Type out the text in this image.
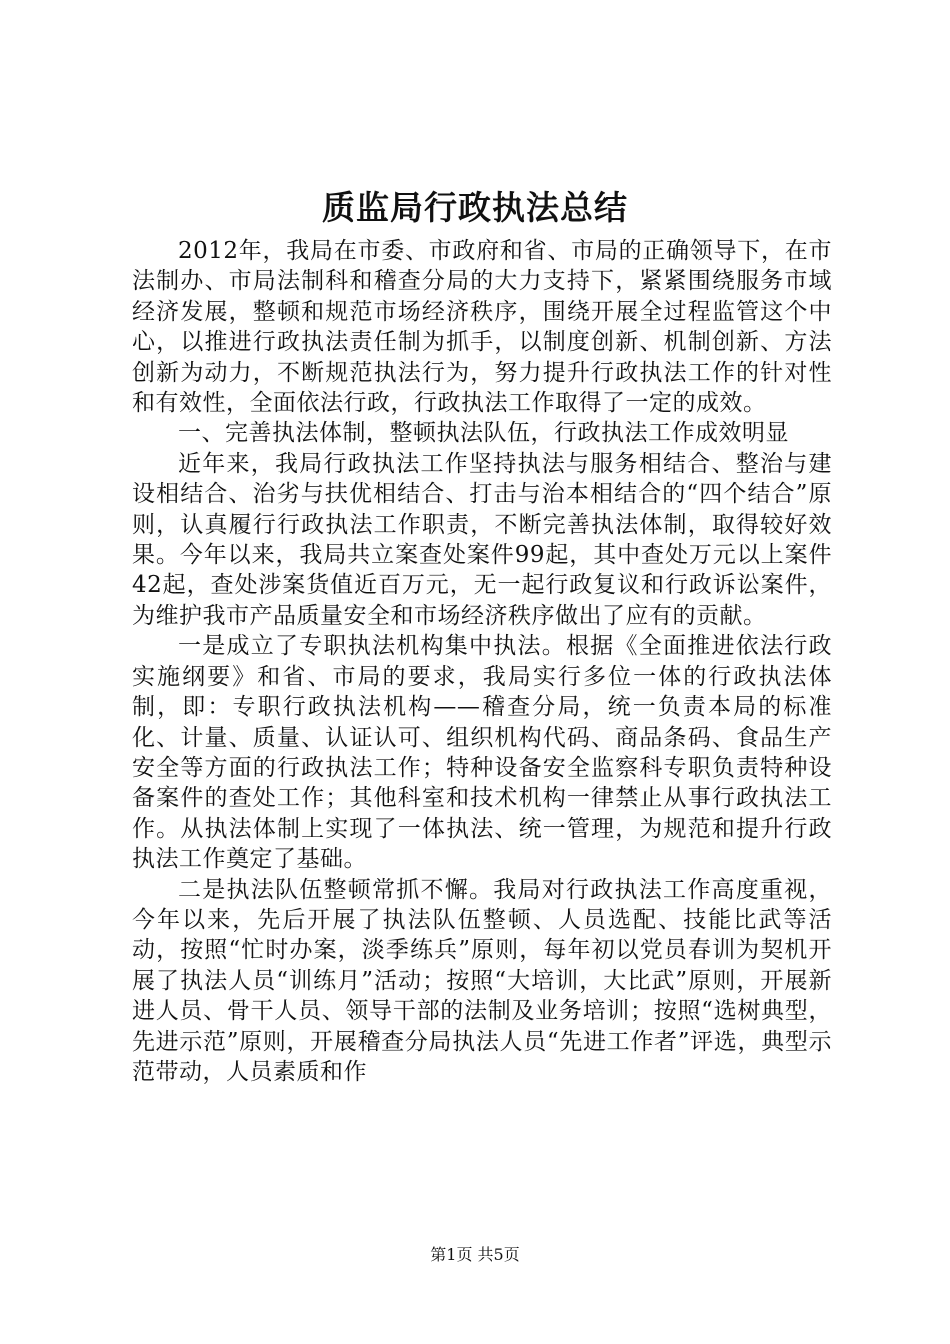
质监局行政执法总结

2012年，我局在市委、市政府和省、市局的正确领导下，在市法制办、市局法制科和稽查分局的大力支持下，紧紧围绕服务市域经济发展，整顿和规范市场经济秩序，围绕开展全过程监管这个中心，以推进行政执法责任制为抓手，以制度创新、机制创新、方法创新为动力，不断规范执法行为，努力提升行政执法工作的针对性和有效性，全面依法行政，行政执法工作取得了一定的成效。

一、完善执法体制，整顿执法队伍，行政执法工作成效明显

近年来，我局行政执法工作坚持执法与服务相结合、整治与建设相结合、治劣与扶优相结合、打击与治本相结合的“四个结合”原则，认真履行行政执法工作职责，不断完善执法体制，取得较好效果。今年以来，我局共立案查处案件99起，其中查处万元以上案件42起，查处涉案货值近百万元，无一起行政复议和行政诉讼案件，为维护我市产品质量安全和市场经济秩序做出了应有的贡献。

一是成立了专职执法机构集中执法。根据《全面推进依法行政实施纲要》和省、市局的要求，我局实行多位一体的行政执法体制，即：专职行政执法机构——稽查分局，统一负责本局的标准化、计量、质量、认证认可、组织机构代码、商品条码、食品生产安全等方面的行政执法工作；特种设备安全监察科专职负责特种设备案件的查处工作；其他科室和技术机构一律禁止从事行政执法工作。从执法体制上实现了一体执法、统一管理，为规范和提升行政执法工作奠定了基础。

二是执法队伍整顿常抓不懈。我局对行政执法工作高度重视，今年以来，先后开展了执法队伍整顿、人员选配、技能比武等活动，按照“忙时办案，淡季练兵”原则，每年初以党员春训为契机开展了执法人员“训练月”活动；按照“大培训，大比武”原则，开展新进人员、骨干人员、领导干部的法制及业务培训；按照“选树典型，先进示范”原则，开展稽查分局执法人员“先进工作者”评选，典型示范带动，人员素质和作

第1页 共5页
